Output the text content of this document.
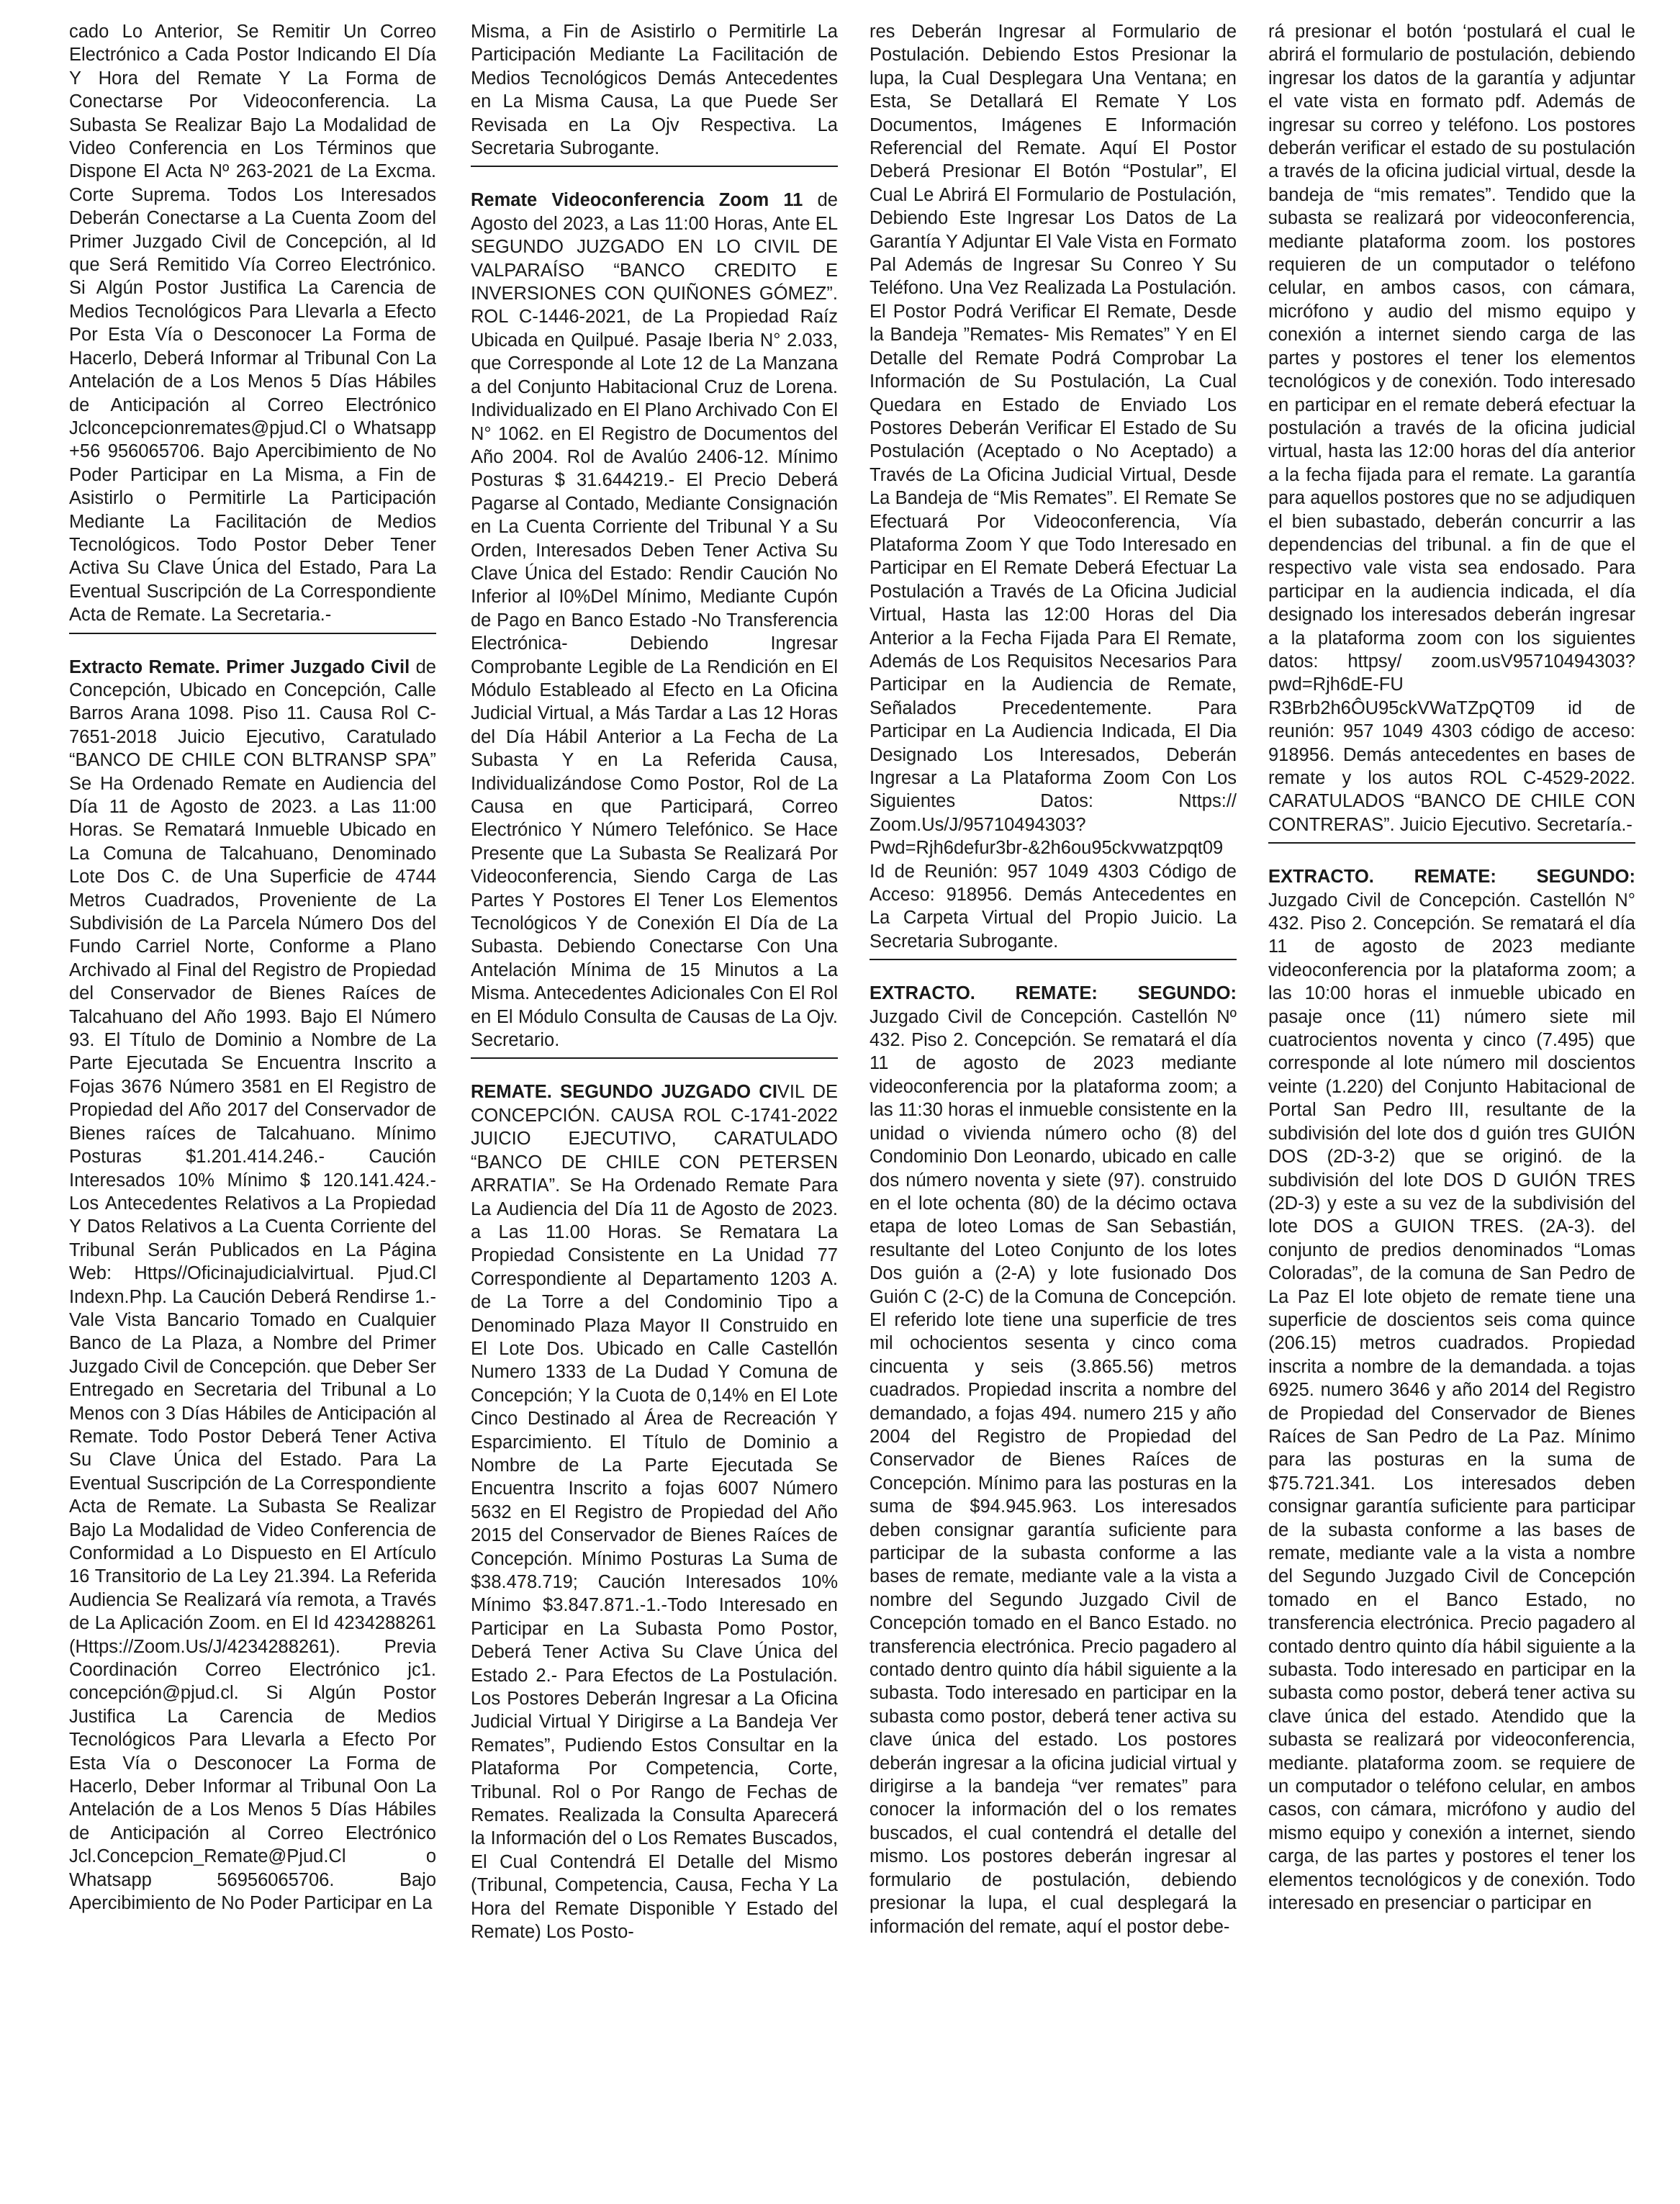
cado Lo Anterior, Se Remitir Un Correo Electrónico a Cada Postor Indicando El Día Y Hora del Remate Y La Forma de Conectarse Por Videoconferencia. La Subasta Se Realizar Bajo La Modalidad de Video Conferencia en Los Términos que Dispone El Acta Nº 263-2021 de La Excma. Corte Suprema. Todos Los Interesados Deberán Conectarse a La Cuenta Zoom del Primer Juzgado Civil de Concepción, al Id que Será Remitido Vía Correo Electrónico. Si Algún Postor Justifica La Carencia de Medios Tecnológicos Para Llevarla a Efecto Por Esta Vía o Desconocer La Forma de Hacerlo, Deberá Informar al Tribunal Con La Antelación de a Los Menos 5 Días Hábiles de Anticipación al Correo Electrónico Jclconcepcionremates@pjud.Cl o Whatsapp +56 956065706. Bajo Apercibimiento de No Poder Participar en La Misma, a Fin de Asistirlo o Permitirle La Participación Mediante La Facilitación de Medios Tecnológicos. Todo Postor Deber Tener Activa Su Clave Única del Estado, Para La Eventual Suscripción de La Correspondiente Acta de Remate. La Secretaria.-

Extracto Remate. Primer Juzgado Civil de Concepción, Ubicado en Concepción, Calle Barros Arana 1098. Piso 11. Causa Rol C- 7651-2018 Juicio Ejecutivo, Caratulado “BANCO DE CHILE CON BLTRANSP SPA” Se Ha Ordenado Remate en Audiencia del Día 11 de Agosto de 2023. a Las 11:00 Horas. Se Rematará Inmueble Ubicado en La Comuna de Talcahuano, Denominado Lote Dos C. de Una Superficie de 4744 Metros Cuadrados, Proveniente de La Subdivisión de La Parcela Número Dos del Fundo Carriel Norte, Conforme a Plano Archivado al Final del Registro de Propiedad del Conservador de Bienes Raíces de Talcahuano del Año 1993. Bajo El Número 93. El Título de Dominio a Nombre de La Parte Ejecutada Se Encuentra Inscrito a Fojas 3676 Número 3581 en El Registro de Propiedad del Año 2017 del Conservador de Bienes raíces de Talcahuano. Mínimo Posturas $1.201.414.246.- Caución Interesados 10% Mínimo $ 120.141.424.- Los Antecedentes Relativos a La Propiedad Y Datos Relativos a La Cuenta Corriente del Tribunal Serán Publicados en La Página Web: Https//Oficinajudicialvirtual. Pjud.Cl Indexn.Php. La Caución Deberá Rendirse 1.- Vale Vista Bancario Tomado en Cualquier Banco de La Plaza, a Nombre del Primer Juzgado Civil de Concepción. que Deber Ser Entregado en Secretaria del Tribunal a Lo Menos con 3 Días Hábiles de Anticipación al Remate. Todo Postor Deberá Tener Activa Su Clave Única del Estado. Para La Eventual Suscripción de La Correspondiente Acta de Remate. La Subasta Se Realizar Bajo La Modalidad de Video Conferencia de Conformidad a Lo Dispuesto en El Artículo 16 Transitorio de La Ley 21.394. La Referida Audiencia Se Realizará vía remota, a Través de La Aplicación Zoom. en El Id 4234288261 (Https://Zoom.Us/J/4234288261). Previa Coordinación Correo Electrónico jc1. concepción@pjud.cl. Si Algún Postor Justifica La Carencia de Medios Tecnológicos Para Llevarla a Efecto Por Esta Vía o Desconocer La Forma de Hacerlo, Deber Informar al Tribunal Oon La Antelación de a Los Menos 5 Días Hábiles de Anticipación al Correo Electrónico Jcl.Concepcion_Remate@Pjud.Cl o Whatsapp 56956065706. Bajo Apercibimiento de No Poder Participar en La

Misma, a Fin de Asistirlo o Permitirle La Participación Mediante La Facilitación de Medios Tecnológicos Demás Antecedentes en La Misma Causa, La que Puede Ser Revisada en La Ojv Respectiva. La Secretaria Subrogante.

Remate Videoconferencia Zoom 11 de Agosto del 2023, a Las 11:00 Horas, Ante EL SEGUNDO JUZGADO EN LO CIVIL DE VALPARAÍSO “BANCO CREDITO E INVERSIONES CON QUIÑONES GÓMEZ”. ROL C-1446-2021, de La Propiedad Raíz Ubicada en Quilpué. Pasaje Iberia N° 2.033, que Corresponde al Lote 12 de La Manzana a del Conjunto Habitacional Cruz de Lorena. Individualizado en El Plano Archivado Con El N° 1062. en El Registro de Documentos del Año 2004. Rol de Avalúo 2406-12. Mínimo Posturas $ 31.644219.- El Precio Deberá Pagarse al Contado, Mediante Consignación en La Cuenta Corriente del Tribunal Y a Su Orden, Interesados Deben Tener Activa Su Clave Única del Estado: Rendir Caución No Inferior al I0%Del Mínimo, Mediante Cupón de Pago en Banco Estado -No Transferencia Electrónica- Debiendo Ingresar Comprobante Legible de La Rendición en El Módulo Estableado al Efecto en La Oficina Judicial Virtual, a Más Tardar a Las 12 Horas del Día Hábil Anterior a La Fecha de La Subasta Y en La Referida Causa, Individualizándose Como Postor, Rol de La Causa en que Participará, Correo Electrónico Y Número Telefónico. Se Hace Presente que La Subasta Se Realizará Por Videoconferencia, Siendo Carga de Las Partes Y Postores El Tener Los Elementos Tecnológicos Y de Conexión El Día de La Subasta. Debiendo Conectarse Con Una Antelación Mínima de 15 Minutos a La Misma. Antecedentes Adicionales Con El Rol en El Módulo Consulta de Causas de La Ojv. Secretario.

REMATE. SEGUNDO JUZGADO CIVIL DE CONCEPCIÓN. CAUSA ROL C-1741-2022 JUICIO EJECUTIVO, CARATULADO “BANCO DE CHILE CON PETERSEN ARRATIA”. Se Ha Ordenado Remate Para La Audiencia del Día 11 de Agosto de 2023. a Las 11.00 Horas. Se Rematara La Propiedad Consistente en La Unidad 77 Correspondiente al Departamento 1203 A. de La Torre a del Condominio Tipo a Denominado Plaza Mayor II Construido en El Lote Dos. Ubicado en Calle Castellón Numero 1333 de La Dudad Y Comuna de Concepción; Y la Cuota de 0,14% en El Lote Cinco Destinado al Área de Recreación Y Esparcimiento. El Título de Dominio a Nombre de La Parte Ejecutada Se Encuentra Inscrito a fojas 6007 Número 5632 en El Registro de Propiedad del Año 2015 del Conservador de Bienes Raíces de Concepción. Mínimo Posturas La Suma de $38.478.719; Caución Interesados 10% Mínimo $3.847.871.-1.-Todo Interesado en Participar en La Subasta Pomo Postor, Deberá Tener Activa Su Clave Única del Estado 2.- Para Efectos de La Postulación. Los Postores Deberán Ingresar a La Oficina Judicial Virtual Y Dirigirse a La Bandeja Ver Remates”, Pudiendo Estos Consultar en la Plataforma Por Competencia, Corte, Tribunal. Rol o Por Rango de Fechas de Remates. Realizada la Consulta Aparecerá la Información del o Los Remates Buscados, El Cual Contendrá El Detalle del Mismo (Tribunal, Competencia, Causa, Fecha Y La Hora del Remate Disponible Y Estado del Remate) Los Posto-

res Deberán Ingresar al Formulario de Postulación. Debiendo Estos Presionar la lupa, la Cual Desplegara Una Ventana; en Esta, Se Detallará El Remate Y Los Documentos, Imágenes E Información Referencial del Remate. Aquí El Postor Deberá Presionar El Botón “Postular”, El Cual Le Abrirá El Formulario de Postulación, Debiendo Este Ingresar Los Datos de La Garantía Y Adjuntar El Vale Vista en Formato Pal Además de Ingresar Su Conreo Y Su Teléfono. Una Vez Realizada La Postulación. El Postor Podrá Verificar El Remate, Desde la Bandeja ”Remates- Mis Remates” Y en El Detalle del Remate Podrá Comprobar La Información de Su Postulación, La Cual Quedara en Estado de Enviado Los Postores Deberán Verificar El Estado de Su Postulación (Aceptado o No Aceptado) a Través de La Oficina Judicial Virtual, Desde La Bandeja de “Mis Remates”. El Remate Se Efectuará Por Videoconferencia, Vía Plataforma Zoom Y que Todo Interesado en Participar en El Remate Deberá Efectuar La Postulación a Través de La Oficina Judicial Virtual, Hasta las 12:00 Horas del Dia Anterior a la Fecha Fijada Para El Remate, Además de Los Requisitos Necesarios Para Participar en la Audiencia de Remate, Señalados Precedentemente. Para Participar en La Audiencia Indicada, El Dia Designado Los Interesados, Deberán Ingresar a La Plataforma Zoom Con Los Siguientes Datos: Nttps:// Zoom.Us/J/95710494303?Pwd=Rjh6defur3br-&2h6ou95ckvwatzpqt09 Id de Reunión: 957 1049 4303 Código de Acceso: 918956. Demás Antecedentes en La Carpeta Virtual del Propio Juicio. La Secretaria Subrogante.

EXTRACTO. REMATE: SEGUNDO: Juzgado Civil de Concepción. Castellón Nº 432. Piso 2. Concepción. Se rematará el día 11 de agosto de 2023 mediante videoconferencia por la plataforma zoom; a las 11:30 horas el inmueble consistente en la unidad o vivienda número ocho (8) del Condominio Don Leonardo, ubicado en calle dos número noventa y siete (97). construido en el lote ochenta (80) de la décimo octava etapa de loteo Lomas de San Sebastián, resultante del Loteo Conjunto de los lotes Dos guión a (2-A) y lote fusionado Dos Guión C (2-C) de la Comuna de Concepción. El referido lote tiene una superficie de tres mil ochocientos sesenta y cinco coma cincuenta y seis (3.865.56) metros cuadrados. Propiedad inscrita a nombre del demandado, a fojas 494. numero 215 y año 2004 del Registro de Propiedad del Conservador de Bienes Raíces de Concepción. Mínimo para las posturas en la suma de $94.945.963. Los interesados deben consignar garantía suficiente para participar de la subasta conforme a las bases de remate, mediante vale a la vista a nombre del Segundo Juzgado Civil de Concepción tomado en el Banco Estado. no transferencia electrónica. Precio pagadero al contado dentro quinto día hábil siguiente a la subasta. Todo interesado en participar en la subasta como postor, deberá tener activa su clave única del estado. Los postores deberán ingresar a la oficina judicial virtual y dirigirse a la bandeja “ver remates” para conocer la información del o los remates buscados, el cual contendrá el detalle del mismo. Los postores deberán ingresar al formulario de postulación, debiendo presionar la lupa, el cual desplegará la información del remate, aquí el postor debe-

rá presionar el botón ‘postulará el cual le abrirá el formulario de postulación, debiendo ingresar los datos de la garantía y adjuntar el vate vista en formato pdf. Además de ingresar su correo y teléfono. Los postores deberán verificar el estado de su postulación a través de la oficina judicial virtual, desde la bandeja de “mis remates”. Tendido que la subasta se realizará por videoconferencia, mediante plataforma zoom. los postores requieren de un computador o teléfono celular, en ambos casos, con cámara, micrófono y audio del mismo equipo y conexión a internet siendo carga de las partes y postores el tener los elementos tecnológicos y de conexión. Todo interesado en participar en el remate deberá efectuar la postulación a través de la oficina judicial virtual, hasta las 12:00 horas del día anterior a la fecha fijada para el remate. La garantía para aquellos postores que no se adjudiquen el bien subastado, deberán concurrir a las dependencias del tribunal. a fin de que el respectivo vale vista sea endosado. Para participar en la audiencia indicada, el día designado los interesados deberán ingresar a la plataforma zoom con los siguientes datos: httpsy/ zoom.usV95710494303?pwd=Rjh6dE-FU R3Brb2h6ÔU95ckVWaTZpQT09 id de reunión: 957 1049 4303 código de acceso: 918956. Demás antecedentes en bases de remate y los autos ROL C-4529-2022. CARATULADOS “BANCO DE CHILE CON CONTRERAS”. Juicio Ejecutivo. Secretaría.-

EXTRACTO. REMATE: SEGUNDO: Juzgado Civil de Concepción. Castellón N° 432. Piso 2. Concepción. Se rematará el día 11 de agosto de 2023 mediante videoconferencia por la plataforma zoom; a las 10:00 horas el inmueble ubicado en pasaje once (11) número siete mil cuatrocientos noventa y cinco (7.495) que corresponde al lote número mil doscientos veinte (1.220) del Conjunto Habitacional de Portal San Pedro III, resultante de la subdivisión del lote dos d guión tres GUIÓN DOS (2D-3-2) que se originó. de la subdivisión del lote DOS D GUIÓN TRES (2D-3) y este a su vez de la subdivisión del lote DOS a GUION TRES. (2A-3). del conjunto de predios denominados “Lomas Coloradas”, de la comuna de San Pedro de La Paz El lote objeto de remate tiene una superficie de doscientos seis coma quince (206.15) metros cuadrados. Propiedad inscrita a nombre de la demandada. a tojas 6925. numero 3646 y año 2014 del Registro de Propiedad del Conservador de Bienes Raíces de San Pedro de La Paz. Mínimo para las posturas en la suma de $75.721.341. Los interesados deben consignar garantía suficiente para participar de la subasta conforme a las bases de remate, mediante vale a la vista a nombre del Segundo Juzgado Civil de Concepción tomado en el Banco Estado, no transferencia electrónica. Precio pagadero al contado dentro quinto día hábil siguiente a la subasta. Todo interesado en participar en la subasta como postor, deberá tener activa su clave única del estado. Atendido que la subasta se realizará por videoconferencia, mediante. plataforma zoom. se requiere de un computador o teléfono celular, en ambos casos, con cámara, micrófono y audio del mismo equipo y conexión a internet, siendo carga, de las partes y postores el tener los elementos tecnológicos y de conexión. Todo interesado en presenciar o participar en
